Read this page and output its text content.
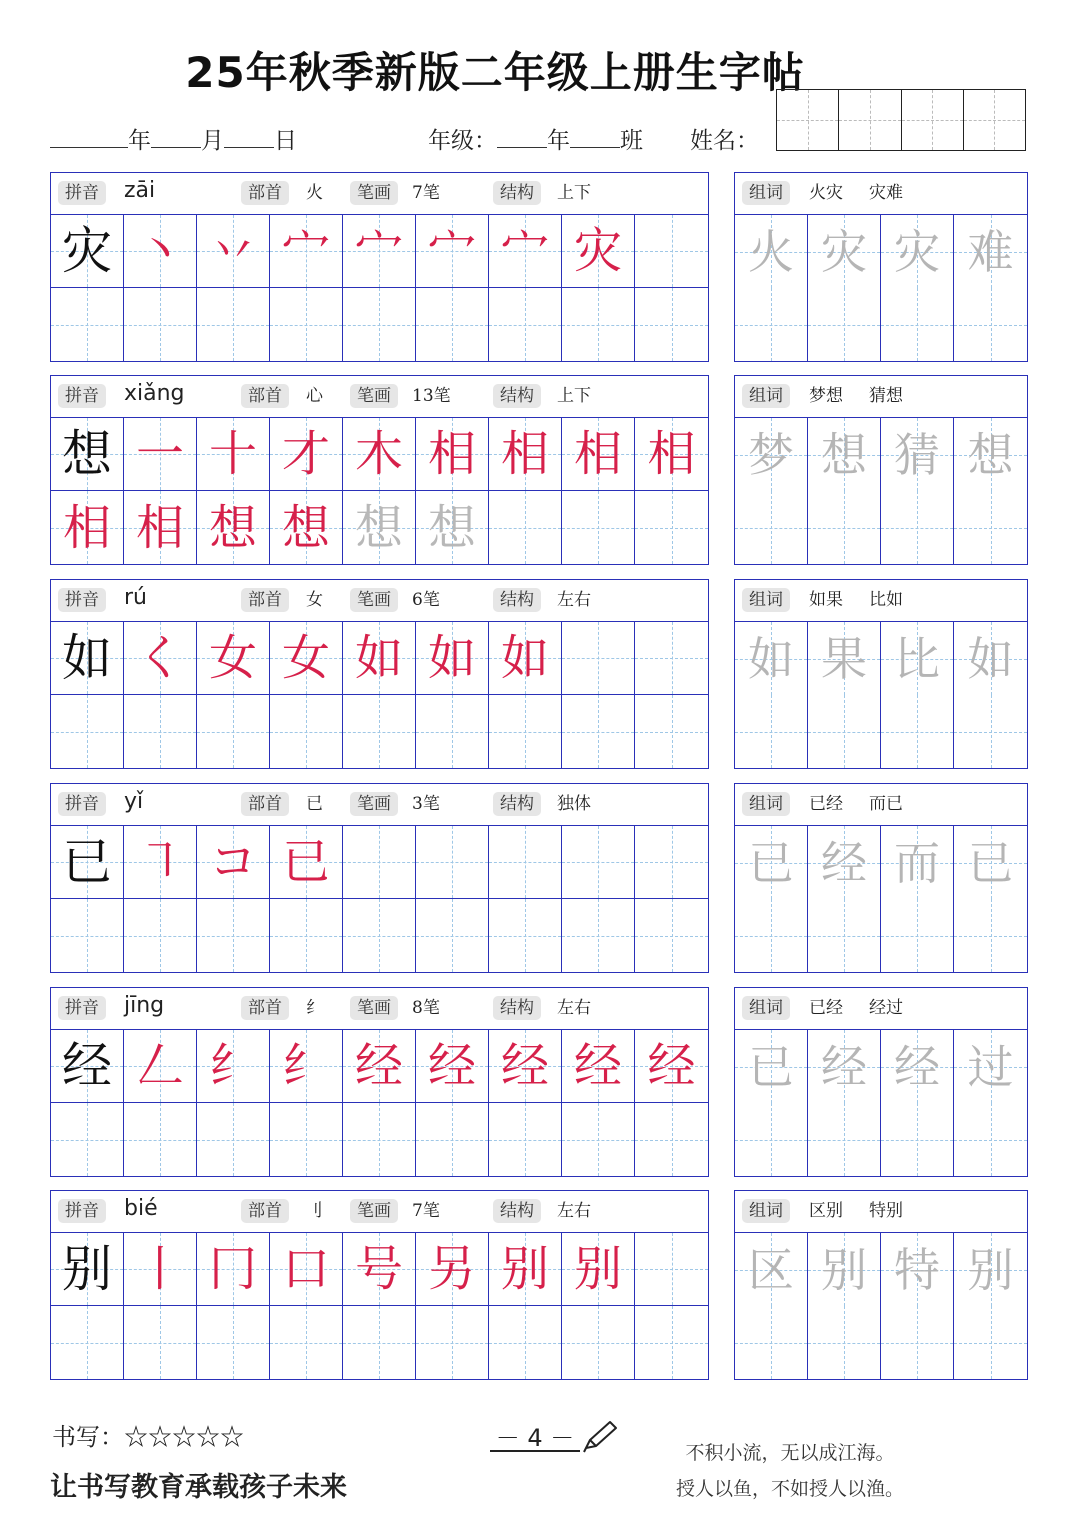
25年秋季新版二年级上册生字帖
年 月 日	年级： 年 班 姓名：
拼音	zāi	部首	火	笔画	7笔	结构	上下
灾 丶 丷 宀 宀 宀 宀 灾
组词	火灾 灾难
火 灾 灾 难
拼音	xiǎng	部首	心	笔画	13笔	结构	上下
想 一 十 才 木 相 相 相 相
相 相 想 想 想 想
组词	梦想 猜想
梦 想 猜 想
拼音	rú	部首	女	笔画	6笔	结构	左右
如 く 女 女 如 如 如
组词	如果 比如
如 果 比 如
拼音	yǐ	部首	已	笔画	3笔	结构	独体
已 ㇕ コ 已
组词	已经 而已
已 经 而 已
拼音	jīng	部首	纟	笔画	8笔	结构	左右
经 𠃋 纟 纟 经 经 经 经 经
组词	已经 经过
已 经 经 过
拼音	bié	部首	刂	笔画	7笔	结构	左右
别 丨 冂 口 号 另 别 别
组词	区别 特别
区 别 特 别
书写：☆☆☆☆☆	－ 4 －
让书写教育承载孩子未来
不积小流，无以成江海。
授人以鱼，不如授人以渔。
